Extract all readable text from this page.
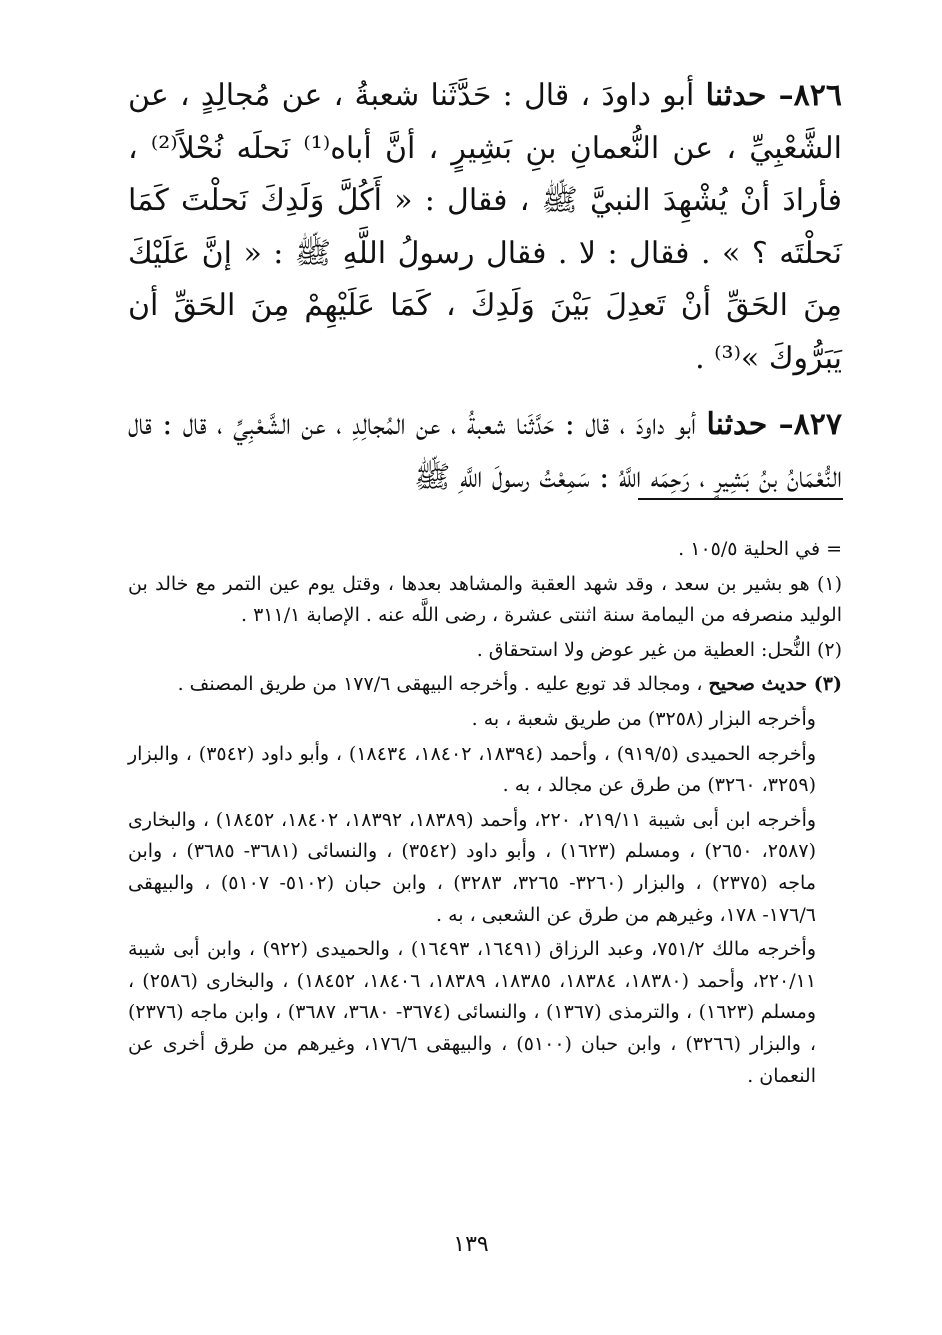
٨٢٦– حدثنا أبو داودَ ، قال : حَدَّثَنا شعبةُ ، عن مُجالِدٍ ، عن الشَّعْبِيِّ ، عن النُّعمانِ بنِ بَشِيرٍ ، أنَّ أباه⁽¹⁾ نَحلَه نُحْلاً⁽²⁾ ، فأرادَ أنْ يُشْهِدَ النبيَّ ﷺ ، فقال : « أَكُلَّ وَلَدِكَ نَحلْتَ كَمَا نَحلْتَه ؟ » . فقال : لا . فقال رسولُ اللَّهِ ﷺ : « إنَّ عَلَيْكَ مِنَ الحَقِّ أنْ تَعدِلَ بَيْنَ وَلَدِكَ ، كَمَا عَلَيْهِمْ مِنَ الحَقِّ أن يَبَرُّوكَ »⁽³⁾ .

٨٢٧– حدثنا أبو داودَ ، قال : حَدَّثَنا شعبةُ ، عن المُجالِدِ ، عن الشَّعْبِيِّ ، قال : قال النُّعْمَانُ بنُ بَشِيرٍ ، رَحِمَه اللَّهُ : سَمِعْتُ رسولَ اللَّهِ ﷺ

= في الحلية ١٠٥/٥ .

(١) هو بشير بن سعد ، وقد شهد العقبة والمشاهد بعدها ، وقتل يوم عين التمر مع خالد بن الوليد منصرفه من اليمامة سنة اثنتى عشرة ، رضى اللَّه عنه . الإصابة ٣١١/١ .

(٢) النُّحل: العطية من غير عوض ولا استحقاق .

(٣) حديث صحيح ، ومجالد قد توبع عليه . وأخرجه البيهقى ١٧٧/٦ من طريق المصنف .

وأخرجه البزار (٣٢٥٨) من طريق شعبة ، به .

وأخرجه الحميدى (٩١٩/٥) ، وأحمد (١٨٣٩٤، ١٨٤٠٢، ١٨٤٣٤) ، وأبو داود (٣٥٤٢) ، والبزار (٣٢٥٩، ٣٢٦٠) من طرق عن مجالد ، به .

وأخرجه ابن أبى شيبة ٢١٩/١١، ٢٢٠، وأحمد (١٨٣٨٩، ١٨٣٩٢، ١٨٤٠٢، ١٨٤٥٢) ، والبخارى (٢٥٨٧، ٢٦٥٠) ، ومسلم (١٦٢٣) ، وأبو داود (٣٥٤٢) ، والنسائى (٣٦٨١- ٣٦٨٥) ، وابن ماجه (٢٣٧٥) ، والبزار (٣٢٦٠- ٣٢٦٥، ٣٢٨٣) ، وابن حبان (٥١٠٢- ٥١٠٧) ، والبيهقى ١٧٦/٦- ١٧٨، وغيرهم من طرق عن الشعبى ، به .

وأخرجه مالك ٧٥١/٢، وعبد الرزاق (١٦٤٩١، ١٦٤٩٣) ، والحميدى (٩٢٢) ، وابن أبى شيبة ٢٢٠/١١، وأحمد (١٨٣٨٠، ١٨٣٨٤، ١٨٣٨٥، ١٨٣٨٩، ١٨٤٠٦، ١٨٤٥٢) ، والبخارى (٢٥٨٦) ، ومسلم (١٦٢٣) ، والترمذى (١٣٦٧) ، والنسائى (٣٦٧٤- ٣٦٨٠، ٣٦٨٧) ، وابن ماجه (٢٣٧٦) ، والبزار (٣٢٦٦) ، وابن حبان (٥١٠٠) ، والبيهقى ١٧٦/٦، وغيرهم من طرق أخرى عن النعمان .

١٣٩
